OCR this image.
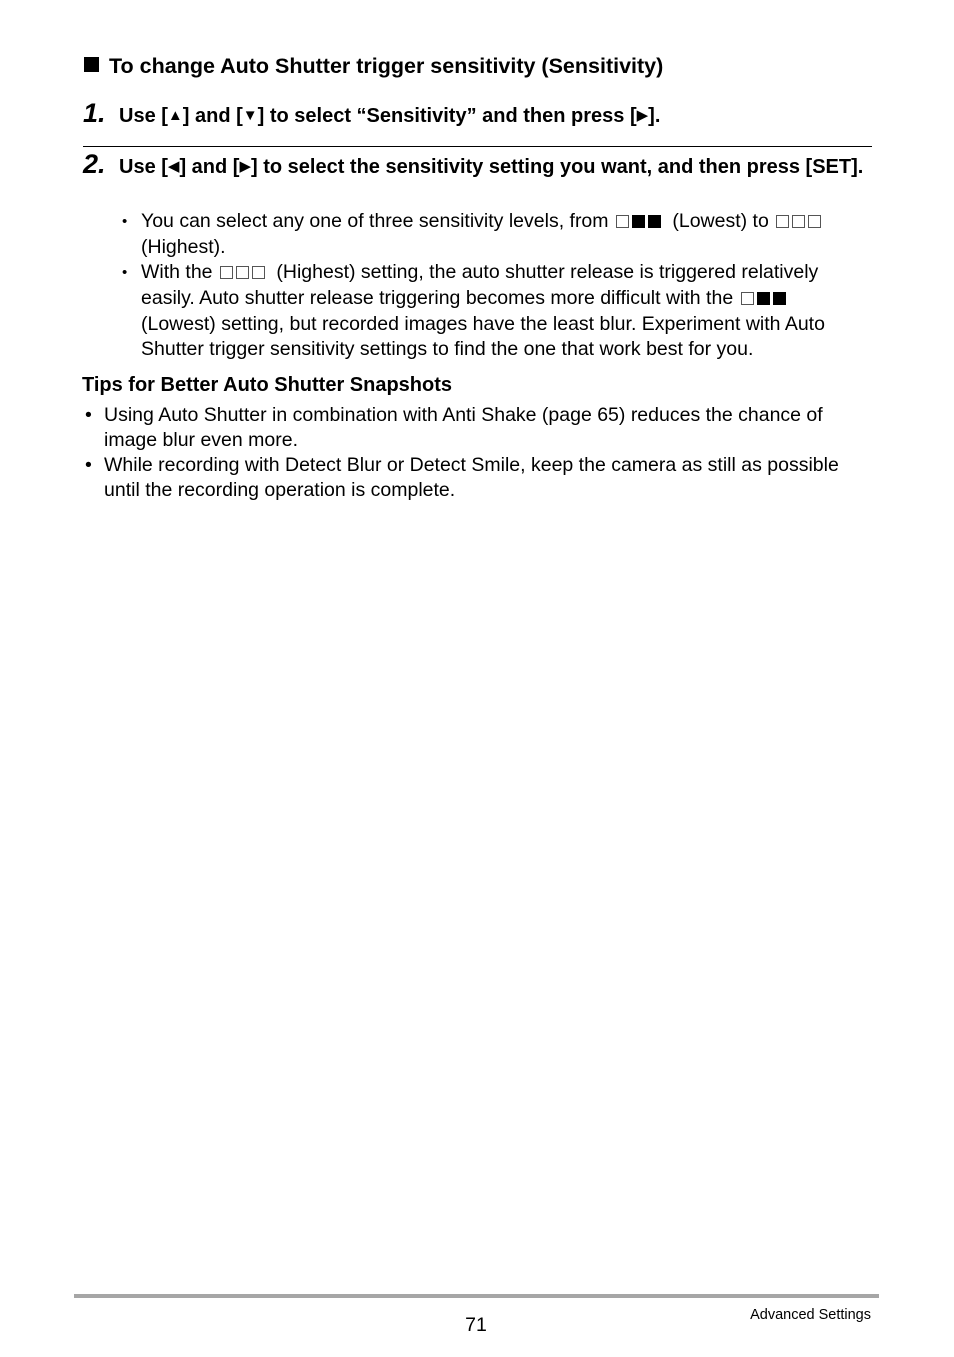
To change Auto Shutter trigger sensitivity (Sensitivity)
1. Use [▲] and [▼] to select “Sensitivity” and then press [▶].
2. Use [◀] and [▶] to select the sensitivity setting you want, and then press [SET].
• You can select any one of three sensitivity levels, from	(Lowest) to  (Highest).
• With the	(Highest) setting, the auto shutter release is triggered relatively easily. Auto shutter release triggering becomes more difficult with the  (Lowest) setting, but recorded images have the least blur. Experiment with Auto Shutter trigger sensitivity settings to find the one that work best for you.
Tips for Better Auto Shutter Snapshots
• Using Auto Shutter in combination with Anti Shake (page 65) reduces the chance of image blur even more.
• While recording with Detect Blur or Detect Smile, keep the camera as still as possible until the recording operation is complete.
71	Advanced Settings
